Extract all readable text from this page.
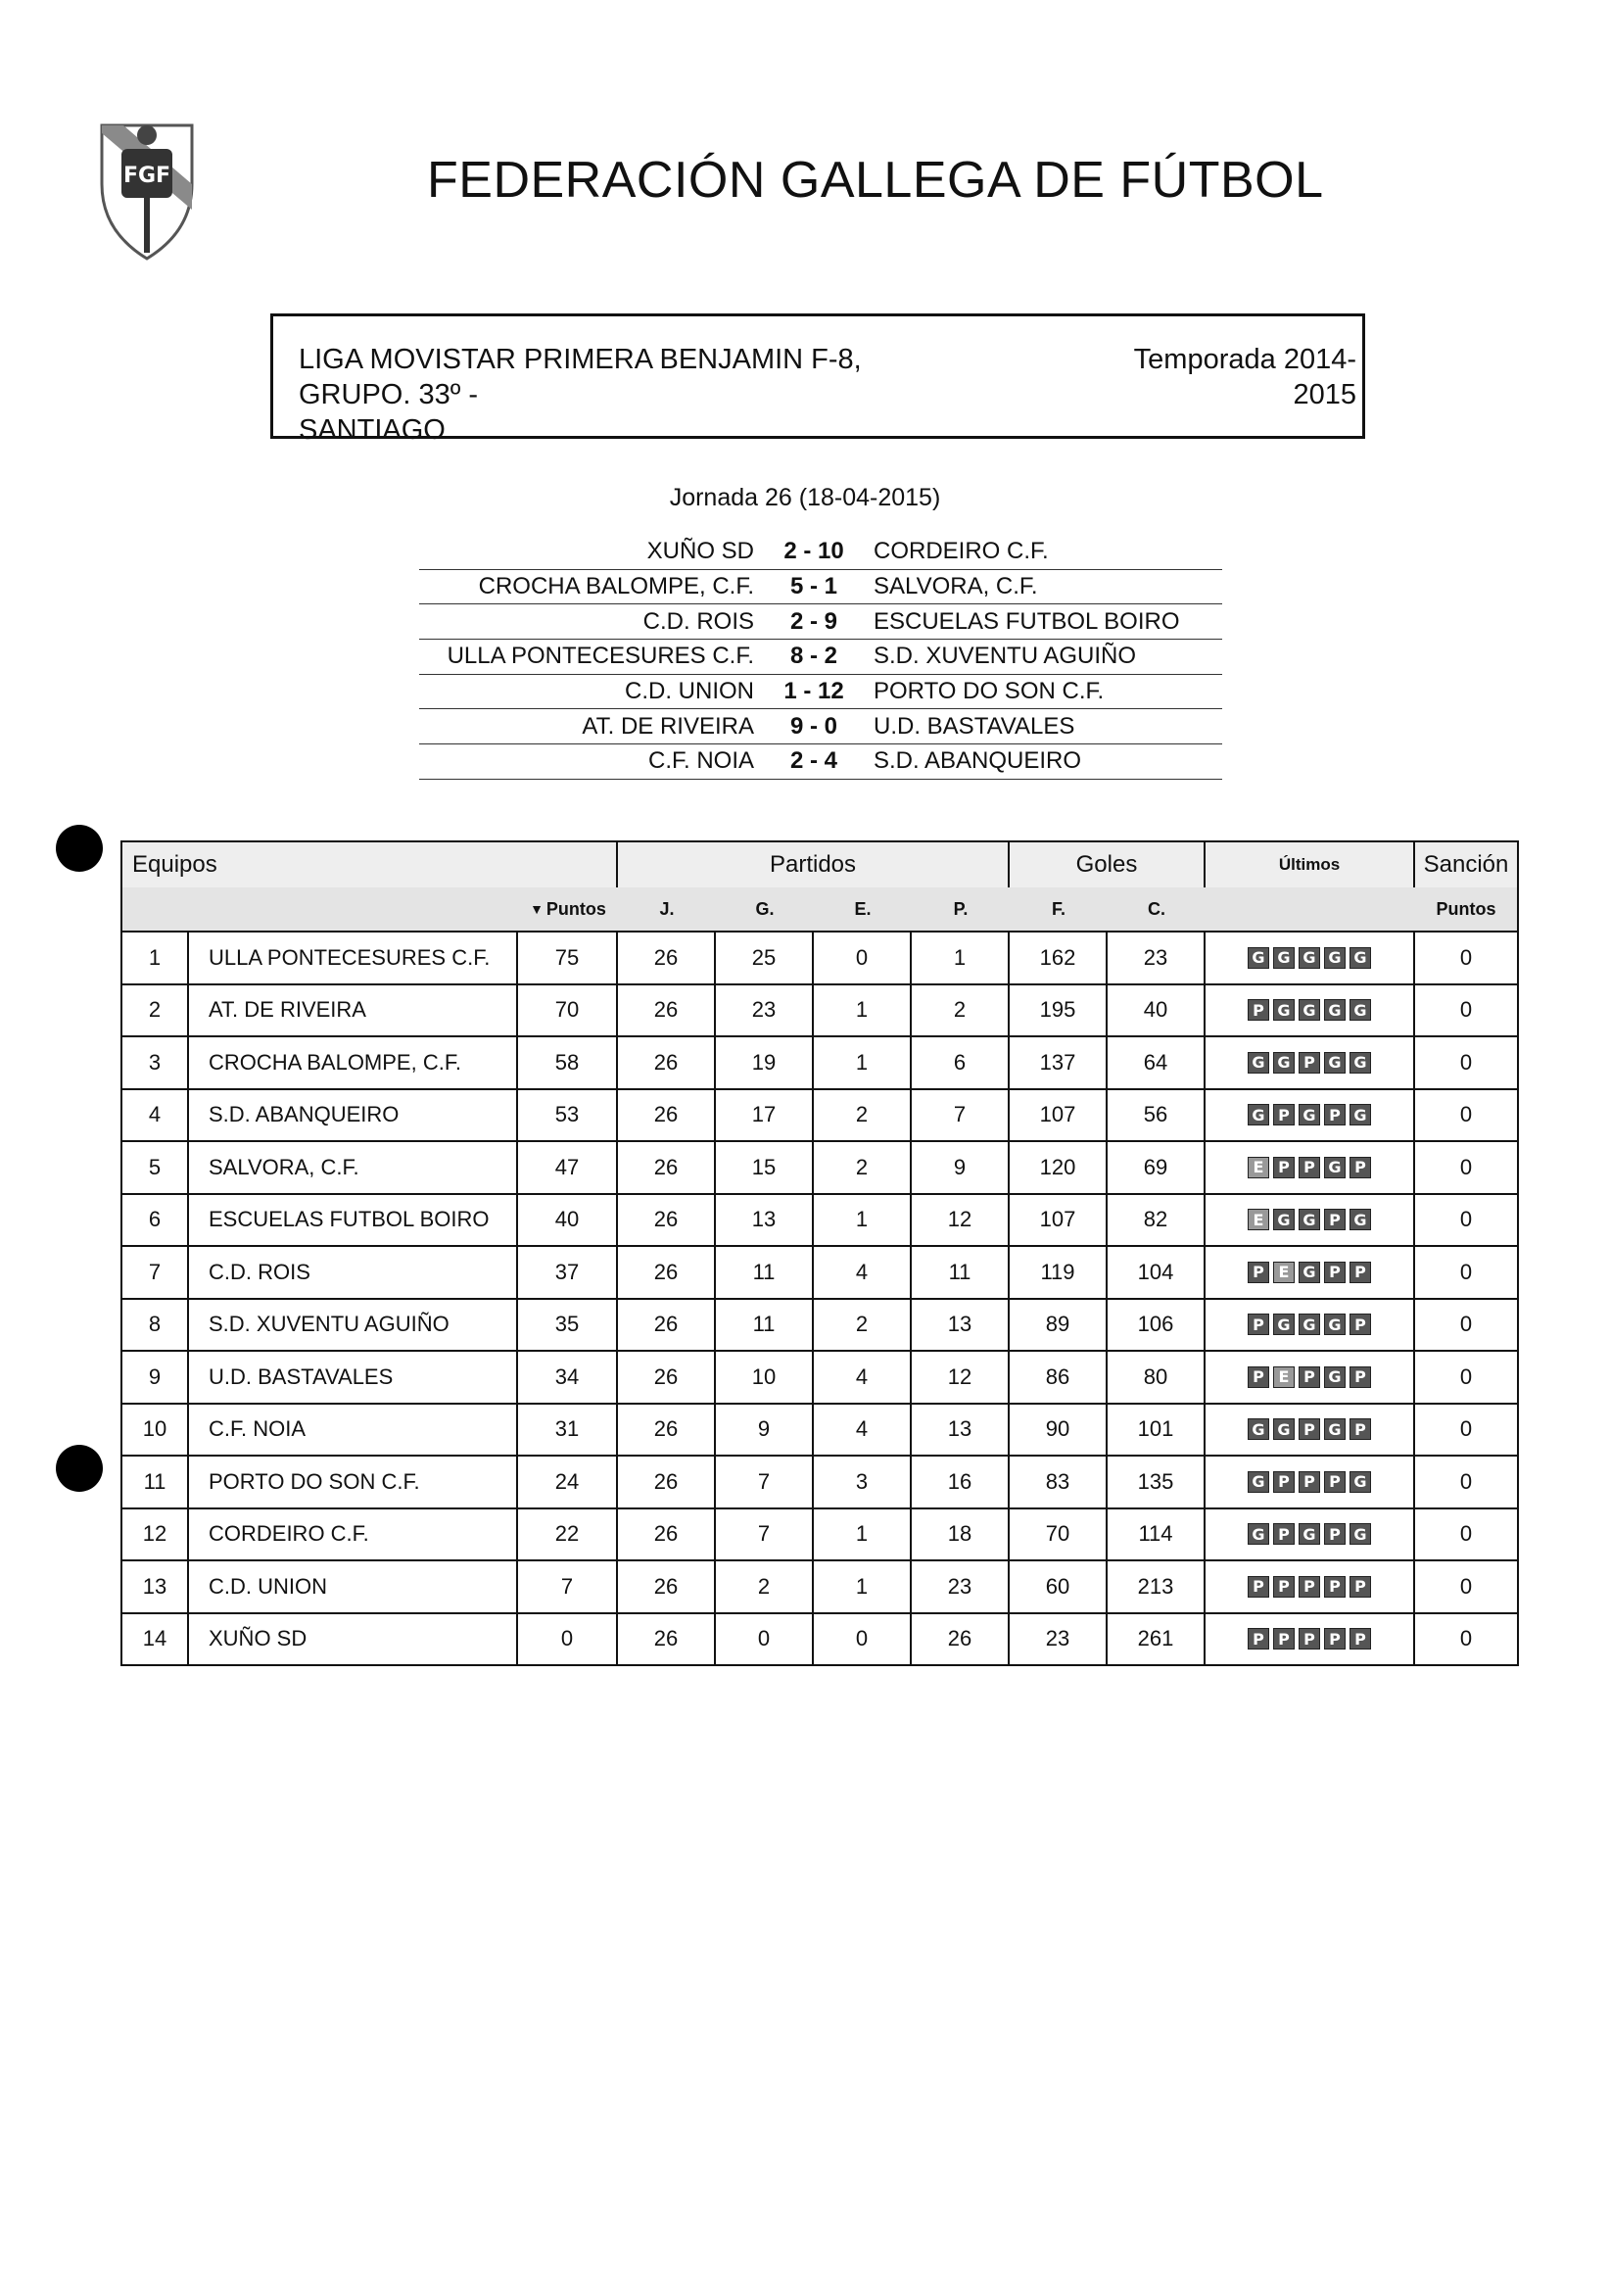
FGF	FEDERACIÓN GALLEGA DE FÚTBOL
LIGA MOVISTAR PRIMERA BENJAMIN F-8, GRUPO. 33º -
SANTIAGO
Temporada 2014-
2015
Jornada 26 (18-04-2015)
XUÑO SD	2 - 10	CORDEIRO C.F.
CROCHA BALOMPE, C.F.	5 - 1	SALVORA, C.F.
C.D. ROIS	2 - 9	ESCUELAS FUTBOL BOIRO
ULLA PONTECESURES C.F.	8 - 2	S.D. XUVENTU AGUIÑO
C.D. UNION	1 - 12	PORTO DO SON C.F.
AT. DE RIVEIRA	9 - 0	U.D. BASTAVALES
C.F. NOIA	2 - 4	S.D. ABANQUEIRO
Equipos	Partidos	Goles	Últimos	Sanción
▼ Puntos	J.	G.	E.	P.	F.	C.	Puntos
1	ULLA PONTECESURES C.F.	75	26	25	0	1	162	23	G G G G G	0
2	AT. DE RIVEIRA	70	26	23	1	2	195	40	P G G G G	0
3	CROCHA BALOMPE, C.F.	58	26	19	1	6	137	64	G G P G G	0
4	S.D. ABANQUEIRO	53	26	17	2	7	107	56	G P G P G	0
5	SALVORA, C.F.	47	26	15	2	9	120	69	E P P G P	0
6	ESCUELAS FUTBOL BOIRO	40	26	13	1	12	107	82	E G G P G	0
7	C.D. ROIS	37	26	11	4	11	119	104	P E G P P	0
8	S.D. XUVENTU AGUIÑO	35	26	11	2	13	89	106	P G G G P	0
9	U.D. BASTAVALES	34	26	10	4	12	86	80	P E P G P	0
10	C.F. NOIA	31	26	9	4	13	90	101	G G P G P	0
11	PORTO DO SON C.F.	24	26	7	3	16	83	135	G P P P G	0
12	CORDEIRO C.F.	22	26	7	1	18	70	114	G P G P G	0
13	C.D. UNION	7	26	2	1	23	60	213	P P P P P	0
14	XUÑO SD	0	26	0	0	26	23	261	P P P P P	0
